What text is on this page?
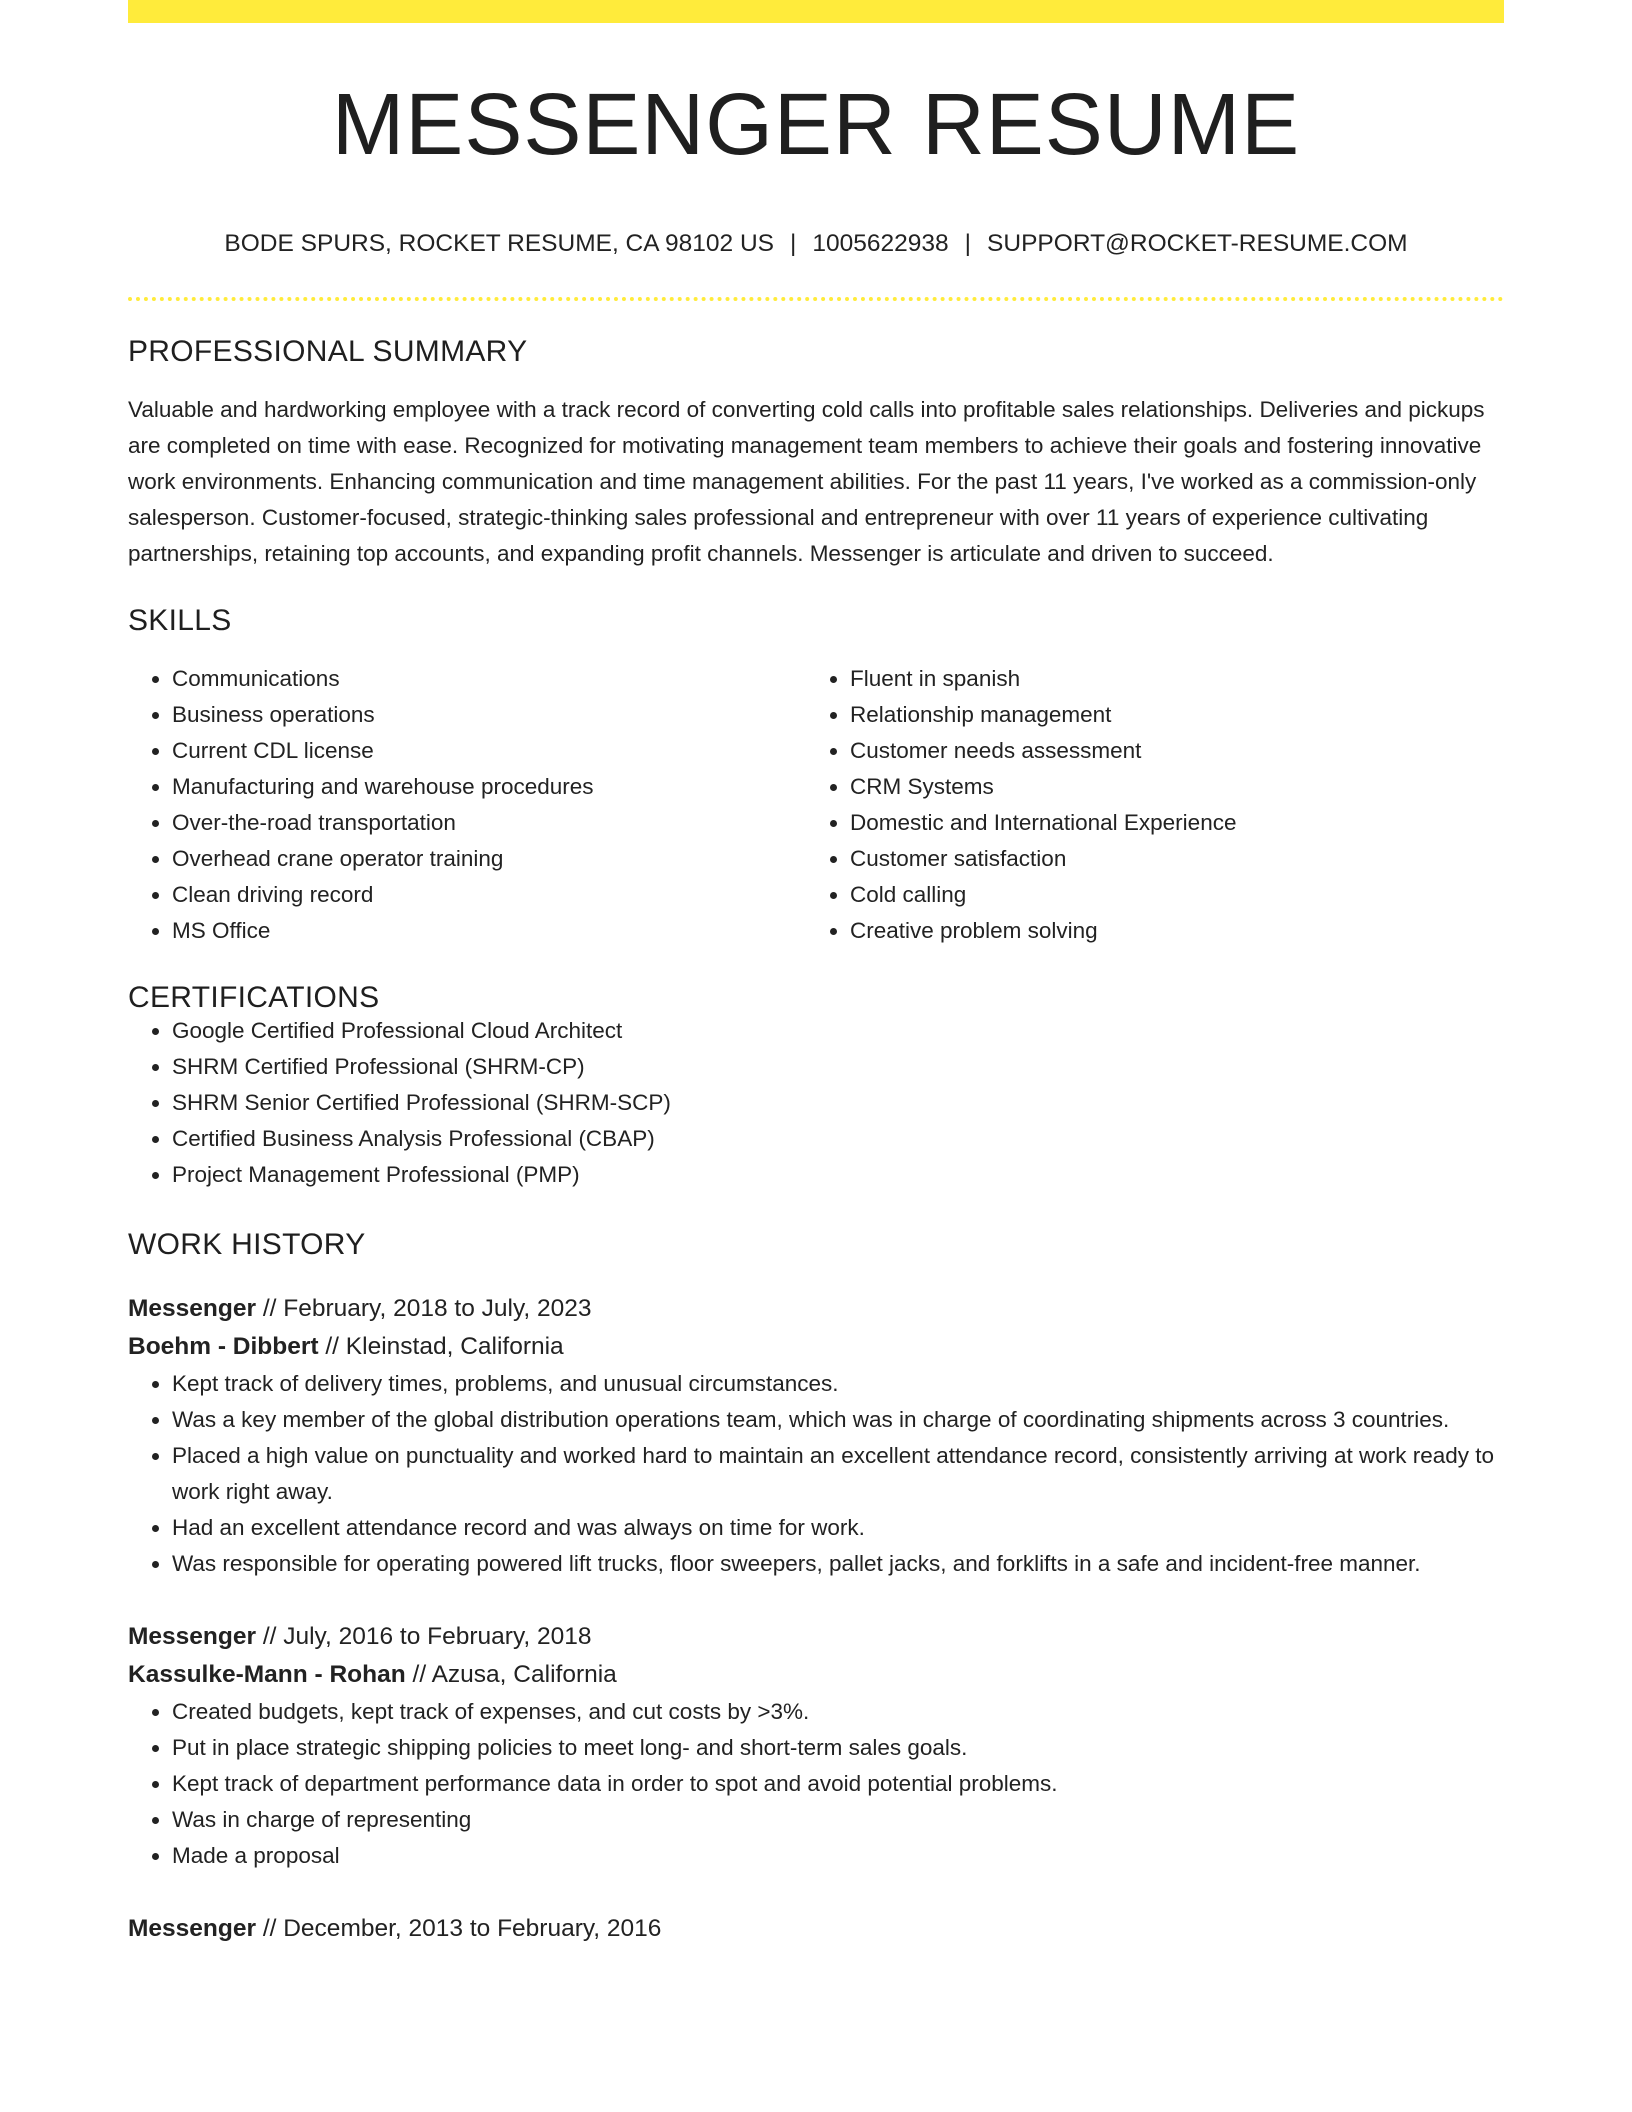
MESSENGER RESUME
BODE SPURS, ROCKET RESUME, CA 98102 US | 1005622938 | SUPPORT@ROCKET-RESUME.COM
PROFESSIONAL SUMMARY

Valuable and hardworking employee with a track record of converting cold calls into profitable sales relationships. Deliveries and pickups are completed on time with ease. Recognized for motivating management team members to achieve their goals and fostering innovative work environments. Enhancing communication and time management abilities. For the past 11 years, I've worked as a commission-only salesperson. Customer-focused, strategic-thinking sales professional and entrepreneur with over 11 years of experience cultivating partnerships, retaining top accounts, and expanding profit channels. Messenger is articulate and driven to succeed.

SKILLS
• Communications
• Business operations
• Current CDL license
• Manufacturing and warehouse procedures
• Over-the-road transportation
• Overhead crane operator training
• Clean driving record
• MS Office
• Fluent in spanish
• Relationship management
• Customer needs assessment
• CRM Systems
• Domestic and International Experience
• Customer satisfaction
• Cold calling
• Creative problem solving
CERTIFICATIONS
• Google Certified Professional Cloud Architect
• SHRM Certified Professional (SHRM-CP)
• SHRM Senior Certified Professional (SHRM-SCP)
• Certified Business Analysis Professional (CBAP)
• Project Management Professional (PMP)
WORK HISTORY
Messenger // February, 2018 to July, 2023
Boehm - Dibbert // Kleinstad, California
• Kept track of delivery times, problems, and unusual circumstances.
• Was a key member of the global distribution operations team, which was in charge of coordinating shipments across 3 countries.
• Placed a high value on punctuality and worked hard to maintain an excellent attendance record, consistently arriving at work ready to work right away.
• Had an excellent attendance record and was always on time for work.
• Was responsible for operating powered lift trucks, floor sweepers, pallet jacks, and forklifts in a safe and incident-free manner.
Messenger // July, 2016 to February, 2018
Kassulke-Mann - Rohan // Azusa, California
• Created budgets, kept track of expenses, and cut costs by >3%.
• Put in place strategic shipping policies to meet long- and short-term sales goals.
• Kept track of department performance data in order to spot and avoid potential problems.
• Was in charge of representing
• Made a proposal
Messenger // December, 2013 to February, 2016
